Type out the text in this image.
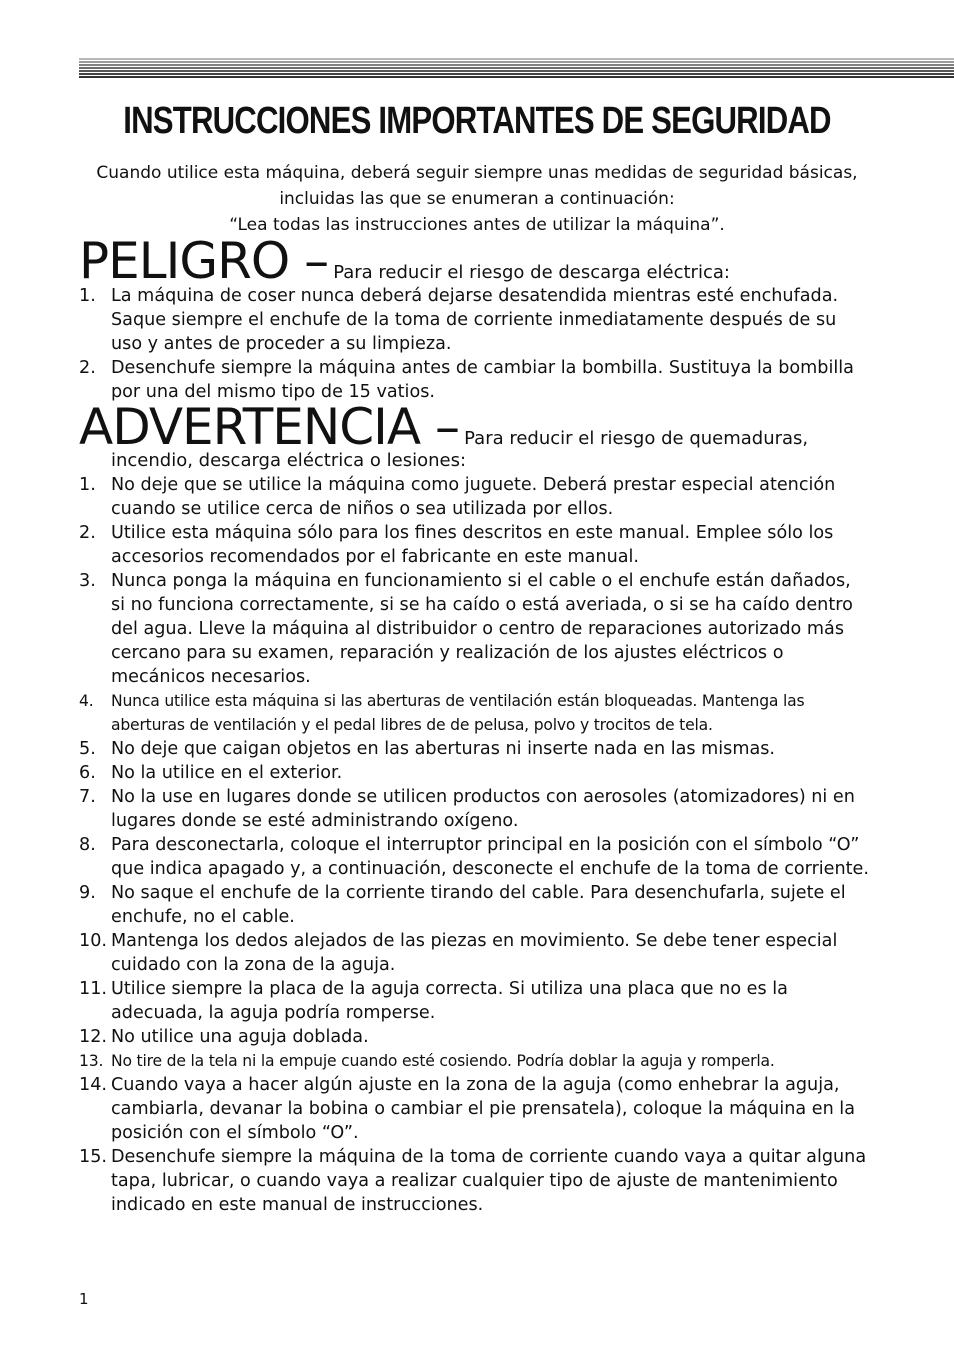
INSTRUCCIONES IMPORTANTES DE SEGURIDAD
Cuando utilice esta máquina, deberá seguir siempre unas medidas de seguridad básicas,
incluidas las que se enumeran a continuación:
“Lea todas las instrucciones antes de utilizar la máquina”.
PELIGRO – Para reducir el riesgo de descarga eléctrica:
1. La máquina de coser nunca deberá dejarse desatendida mientras esté enchufada. Saque siempre el enchufe de la toma de corriente inmediatamente después de su uso y antes de proceder a su limpieza.
2. Desenchufe siempre la máquina antes de cambiar la bombilla. Sustituya la bombilla por una del mismo tipo de 15 vatios.
ADVERTENCIA – Para reducir el riesgo de quemaduras,
incendio, descarga eléctrica o lesiones:
1. No deje que se utilice la máquina como juguete. Deberá prestar especial atención cuando se utilice cerca de niños o sea utilizada por ellos.
2. Utilice esta máquina sólo para los fines descritos en este manual. Emplee sólo los accesorios recomendados por el fabricante en este manual.
3. Nunca ponga la máquina en funcionamiento si el cable o el enchufe están dañados, si no funciona correctamente, si se ha caído o está averiada, o si se ha caído dentro del agua. Lleve la máquina al distribuidor o centro de reparaciones autorizado más cercano para su examen, reparación y realización de los ajustes eléctricos o mecánicos necesarios.
4. Nunca utilice esta máquina si las aberturas de ventilación están bloqueadas. Mantenga las aberturas de ventilación y el pedal libres de de pelusa, polvo y trocitos de tela.
5. No deje que caigan objetos en las aberturas ni inserte nada en las mismas.
6. No la utilice en el exterior.
7. No la use en lugares donde se utilicen productos con aerosoles (atomizadores) ni en lugares donde se esté administrando oxígeno.
8. Para desconectarla, coloque el interruptor principal en la posición con el símbolo “O” que indica apagado y, a continuación, desconecte el enchufe de la toma de corriente.
9. No saque el enchufe de la corriente tirando del cable. Para desenchufarla, sujete el enchufe, no el cable.
10. Mantenga los dedos alejados de las piezas en movimiento. Se debe tener especial cuidado con la zona de la aguja.
11. Utilice siempre la placa de la aguja correcta. Si utiliza una placa que no es la adecuada, la aguja podría romperse.
12. No utilice una aguja doblada.
13. No tire de la tela ni la empuje cuando esté cosiendo. Podría doblar la aguja y romperla.
14. Cuando vaya a hacer algún ajuste en la zona de la aguja (como enhebrar la aguja, cambiarla, devanar la bobina o cambiar el pie prensatela), coloque la máquina en la posición con el símbolo “O”.
15. Desenchufe siempre la máquina de la toma de corriente cuando vaya a quitar alguna tapa, lubricar, o cuando vaya a realizar cualquier tipo de ajuste de mantenimiento indicado en este manual de instrucciones.
1
